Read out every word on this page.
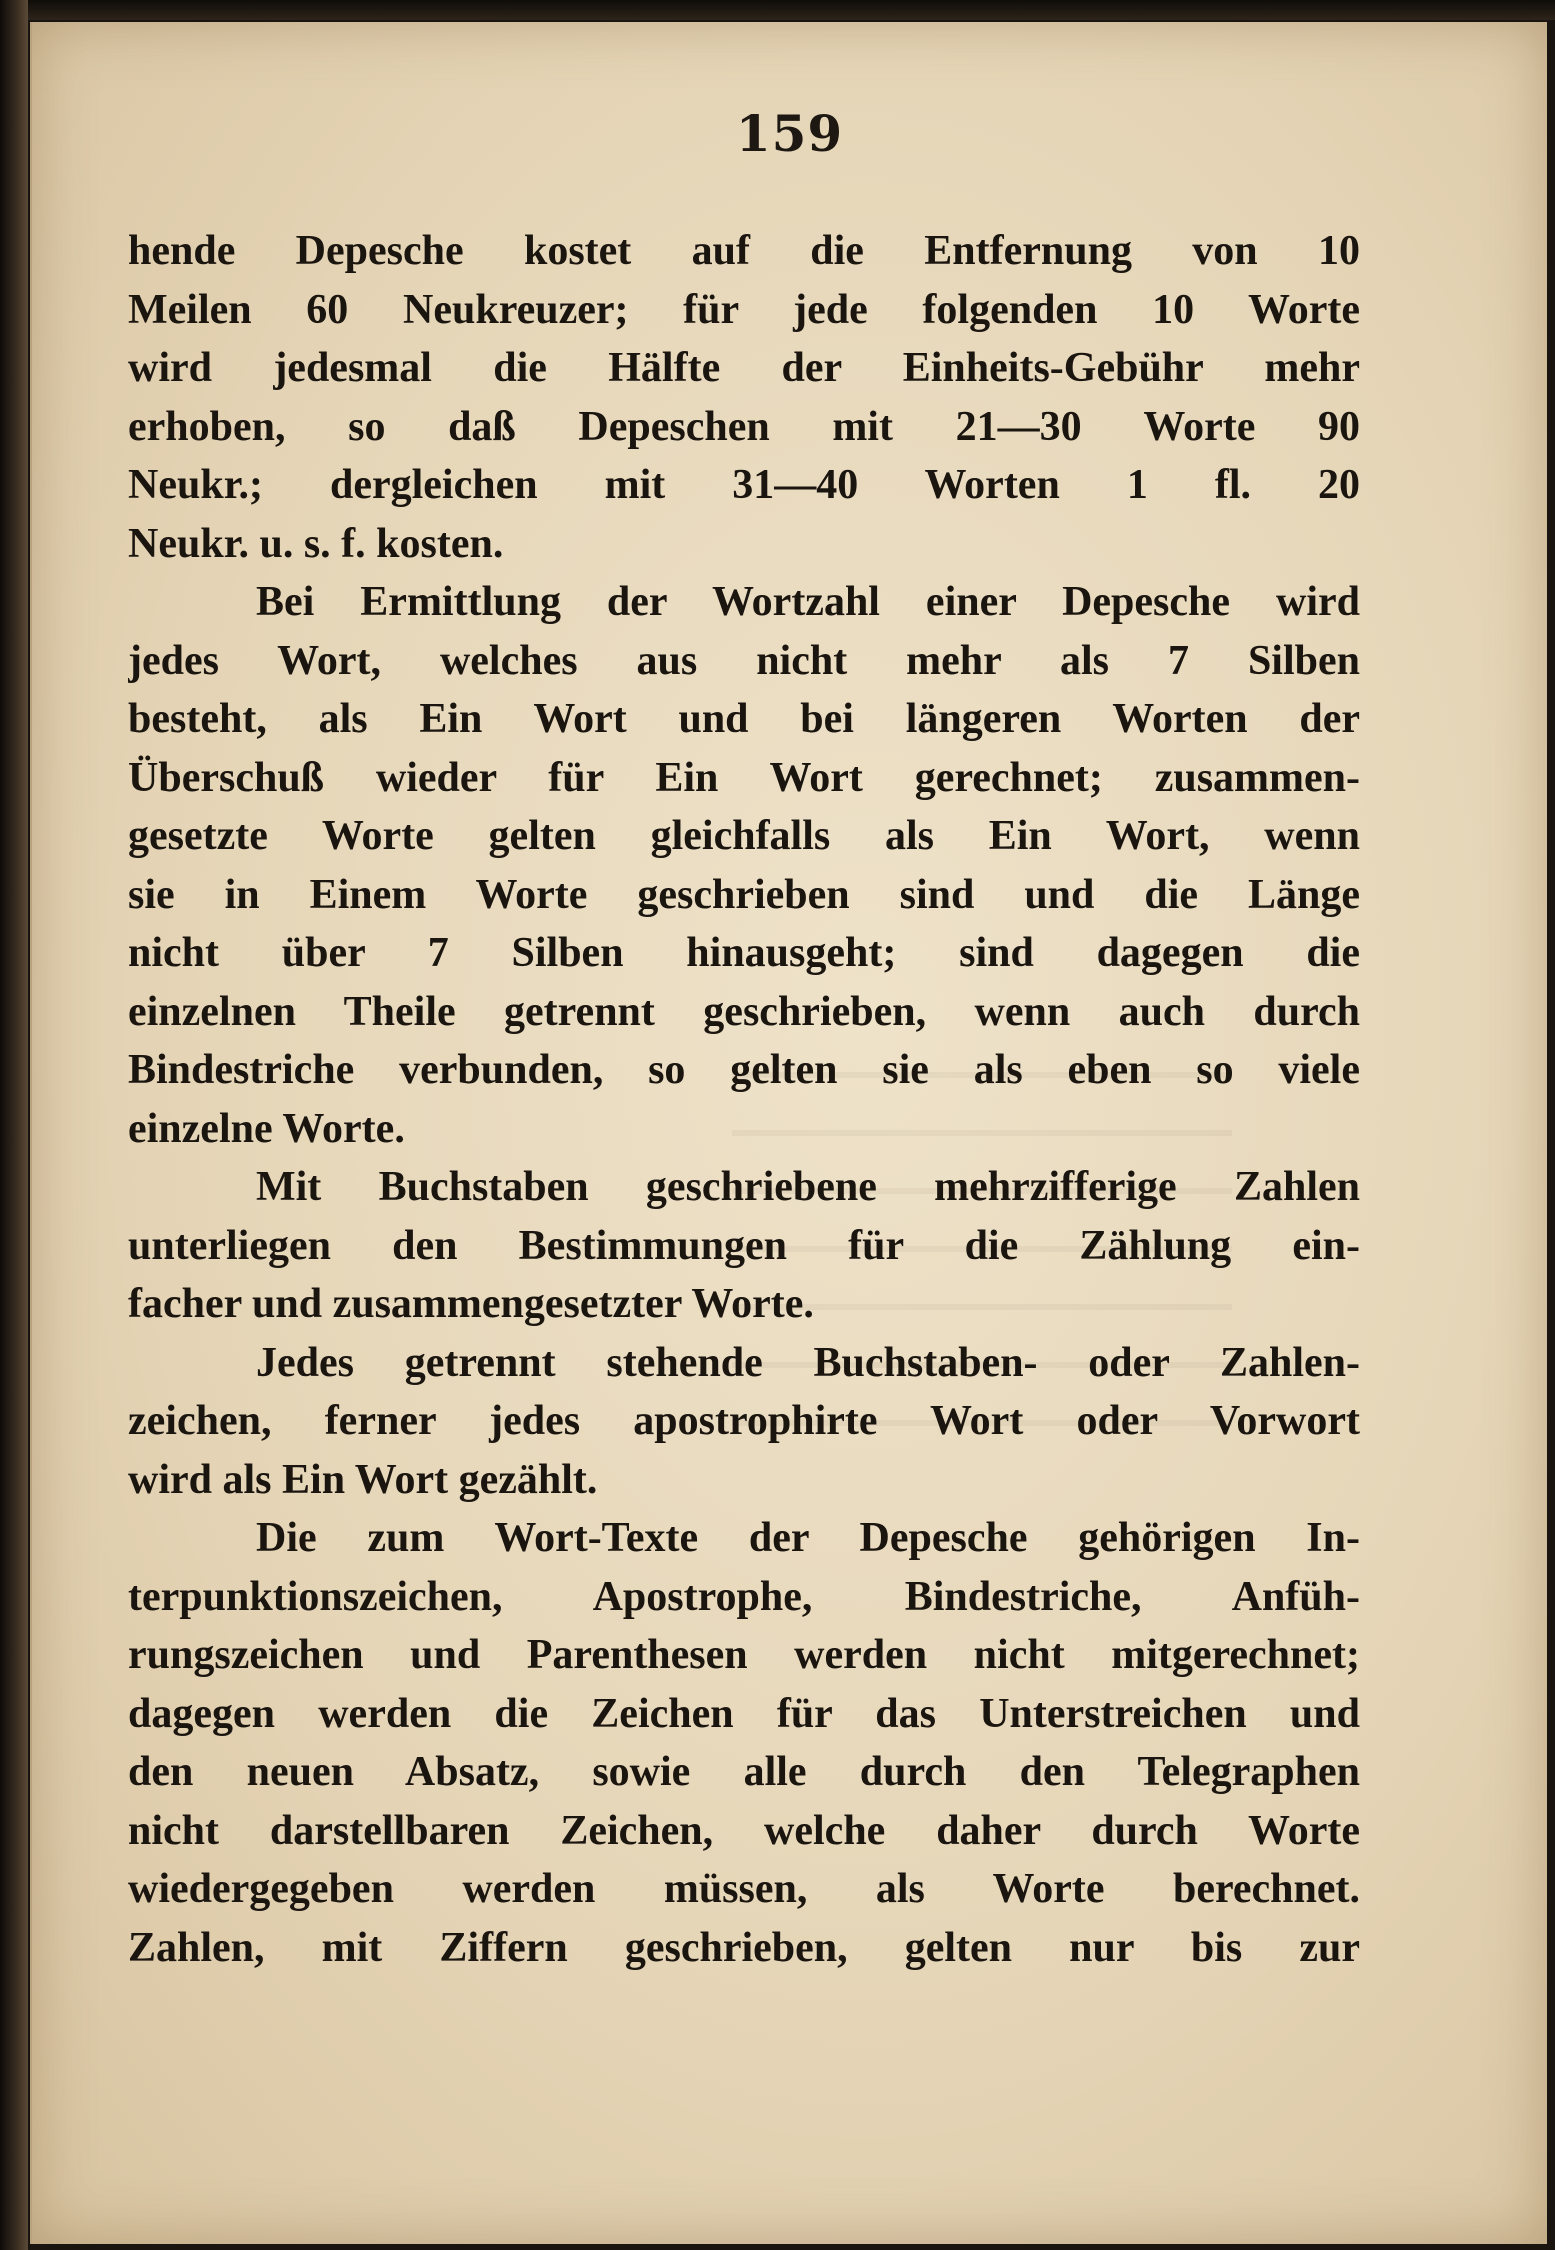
159
hende Depesche kostet auf die Entfernung von 10
Meilen 60 Neukreuzer; für jede folgenden 10 Worte
wird jedesmal die Hälfte der Einheits-Gebühr mehr
erhoben, so daß Depeschen mit 21—30 Worte 90
Neukr.; dergleichen mit 31—40 Worten 1 fl. 20
Neukr. u. s. f. kosten.
Bei Ermittlung der Wortzahl einer Depesche wird
jedes Wort, welches aus nicht mehr als 7 Silben
besteht, als Ein Wort und bei längeren Worten der
Überschuß wieder für Ein Wort gerechnet; zusammen-
gesetzte Worte gelten gleichfalls als Ein Wort, wenn
sie in Einem Worte geschrieben sind und die Länge
nicht über 7 Silben hinausgeht; sind dagegen die
einzelnen Theile getrennt geschrieben, wenn auch durch
Bindestriche verbunden, so gelten sie als eben so viele
einzelne Worte.
Mit Buchstaben geschriebene mehrzifferige Zahlen
unterliegen den Bestimmungen für die Zählung ein-
facher und zusammengesetzter Worte.
Jedes getrennt stehende Buchstaben- oder Zahlen-
zeichen, ferner jedes apostrophirte Wort oder Vorwort
wird als Ein Wort gezählt.
Die zum Wort-Texte der Depesche gehörigen In-
terpunktionszeichen, Apostrophe, Bindestriche, Anfüh-
rungszeichen und Parenthesen werden nicht mitgerechnet;
dagegen werden die Zeichen für das Unterstreichen und
den neuen Absatz, sowie alle durch den Telegraphen
nicht darstellbaren Zeichen, welche daher durch Worte
wiedergegeben werden müssen, als Worte berechnet.
Zahlen, mit Ziffern geschrieben, gelten nur bis zur
